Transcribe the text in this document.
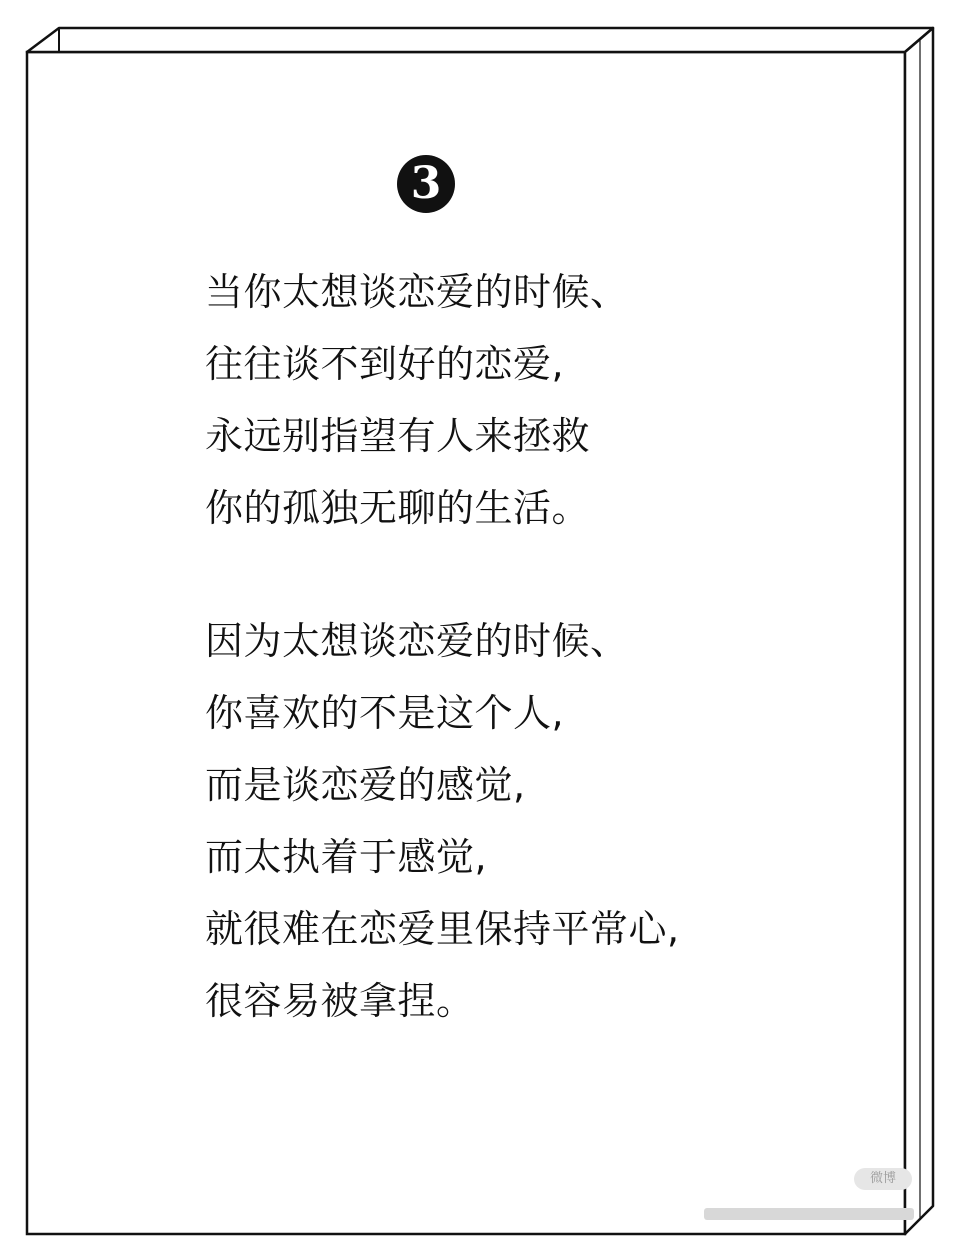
3
当你太想谈恋爱的时候、
往往谈不到好的恋爱,
永远别指望有人来拯救
你的孤独无聊的生活。
因为太想谈恋爱的时候、
你喜欢的不是这个人,
而是谈恋爱的感觉,
而太执着于感觉,
就很难在恋爱里保持平常心,
很容易被拿捏。
微博
